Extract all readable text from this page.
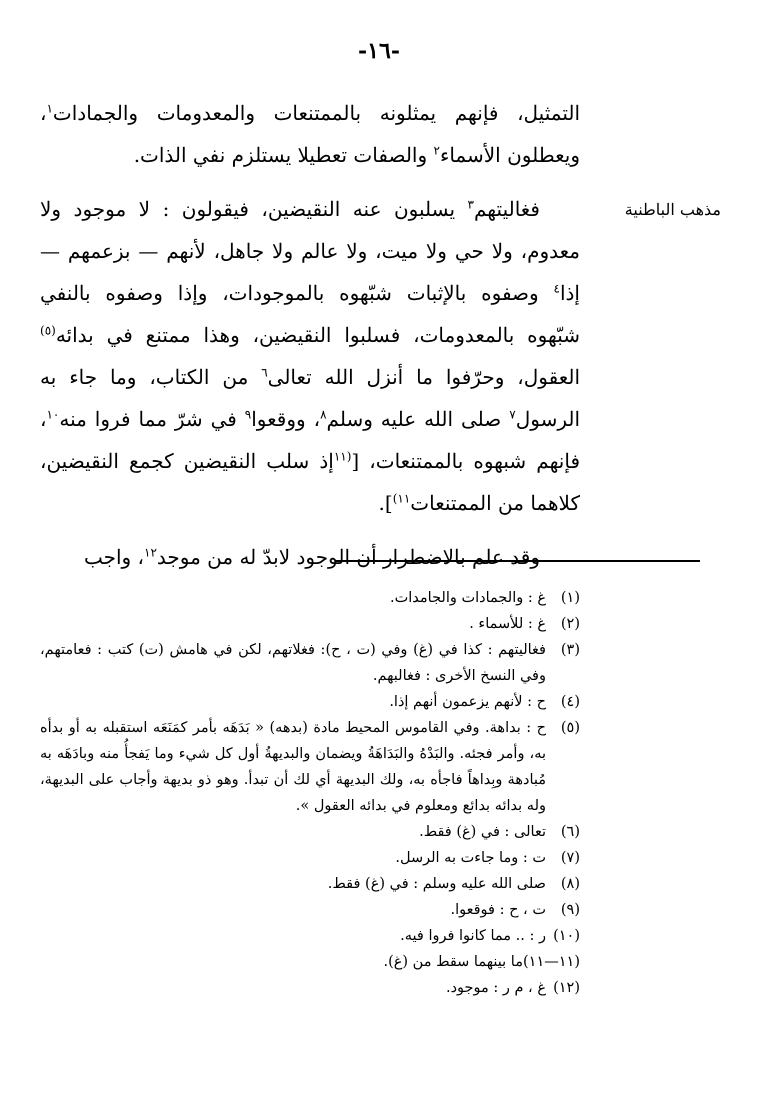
-١٦-
مذهب الباطنية

التمثيل، فإنهم يمثلونه بالممتنعات والمعدومات والجمادات$^١$، ويعطلون الأسماء$^٢$ والصفات تعطيلا يستلزم نفي الذات.

فغاليتهم$^٣$ يسلبون عنه النقيضين، فيقولون : لا موجود ولا معدوم، ولا حي ولا ميت، ولا عالم ولا جاهل، لأنهم — بزعمهم — إذا$^٤$ وصفوه بالإثبات شبّهوه بالموجودات، وإذا وصفوه بالنفي شبّهوه بالمعدومات، فسلبوا النقيضين، وهذا ممتنع في بدائه$^{(٥)}$ العقول، وحرّفوا ما أنزل الله تعالى$^٦$ من الكتاب، وما جاء به الرسول$^٧$ صلى الله عليه وسلم$^٨$، ووقعوا$^٩$ في شرّ مما فروا منه$^{١٠}$، فإنهم شبهوه بالممتنعات، [$^{(١١}$إذ سلب النقيضين كجمع النقيضين، كلاهما من الممتنعات$^{١١)}$].

وقد علم بالاضطرار أن الوجود لابدّ له من موجد$^{١٢}$، واجب

(١)
غ : والجمادات والجامدات.
(٢)
غ : للأسماء .
(٣)
فغاليتهم : كذا في (غ) وفي (ت ، ح): فغلاتهم، لكن في هامش (ت) كتب : فعامتهم، وفي النسخ الأخرى : فغالبهم.
(٤)
ح : لأنهم يزعمون أنهم إذا.
(٥)
ح : بداهة. وفي القاموس المحيط مادة (بدهه) « بَدَهَه بأمر كمَنَعَه استقبله به أو بدأه به، وأمر فجئه. والبَدْهُ والبَدَاهَةُ ويضمان والبديهةُ أول كل شيء وما يَفجأُ منه وبادَهَه به مُبادهة وبِداهاً فاجأه به، ولك البديهة أي لك أن تبدأ. وهو ذو بديهة وأجاب على البديهة، وله بدائه بدائع ومعلوم في بدائه العقول ».
(٦)
تعالى : في (غ) فقط.
(٧)
ت : وما جاءت به الرسل.
(٨)
صلى الله عليه وسلم : في (غ) فقط.
(٩)
ت ، ح : فوقعوا.
(١٠)
ر : .. مما كانوا فروا فيه.
(١١—١١)
ما بينهما سقط من (غ).
(١٢)
غ ، م ر : موجود.
